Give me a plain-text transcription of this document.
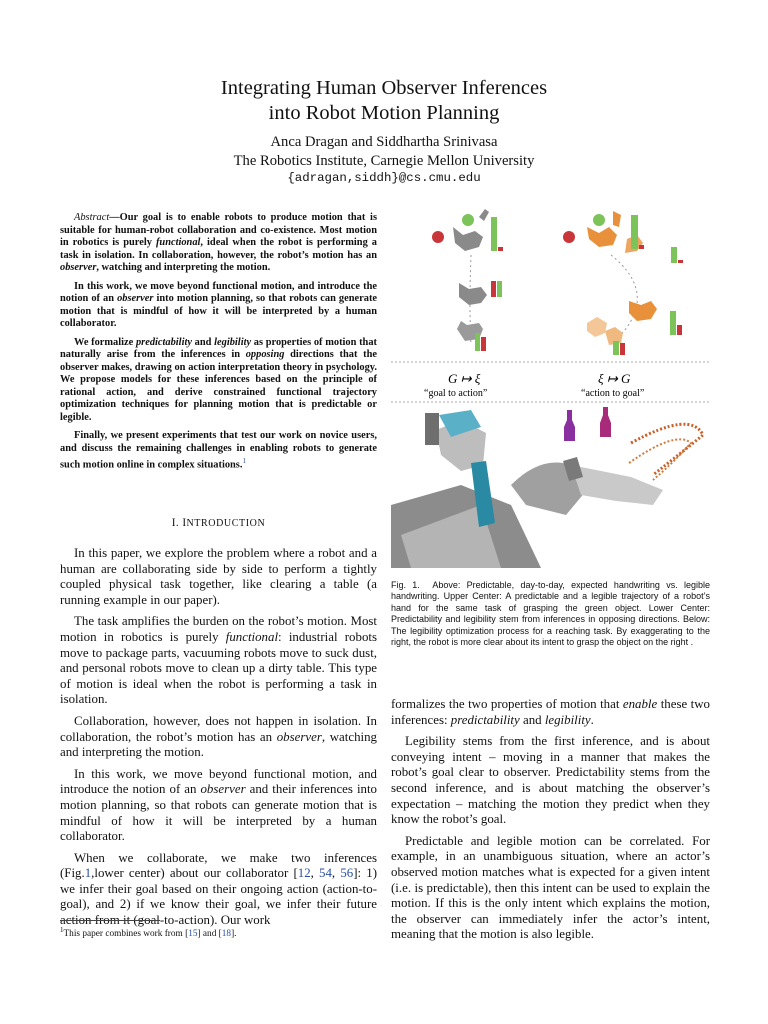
Integrating Human Observer Inferences
into Robot Motion Planning
Anca Dragan and Siddhartha Srinivasa
The Robotics Institute, Carnegie Mellon University
{adragan,siddh}@cs.cmu.edu

Abstract—Our goal is to enable robots to produce motion that is suitable for human-robot collaboration and co-existence. Most motion in robotics is purely functional, ideal when the robot is performing a task in isolation. In collaboration, however, the robot’s motion has an observer, watching and interpreting the motion.

In this work, we move beyond functional motion, and introduce the notion of an observer into motion planning, so that robots can generate motion that is mindful of how it will be interpreted by a human collaborator.

We formalize predictability and legibility as properties of motion that naturally arise from the inferences in opposing directions that the observer makes, drawing on action interpretation theory in psychology. We propose models for these inferences based on the principle of rational action, and derive constrained functional trajectory optimization techniques for planning motion that is predictable or legible.

Finally, we present experiments that test our work on novice users, and discuss the remaining challenges in enabling robots to generate such motion online in complex situations.$^1$

I. INTRODUCTION

In this paper, we explore the problem where a robot and a human are collaborating side by side to perform a tightly coupled physical task together, like clearing a table (a running example in our paper).

The task amplifies the burden on the robot’s motion. Most motion in robotics is purely functional: industrial robots move to package parts, vacuuming robots move to suck dust, and personal robots move to clean up a dirty table. This type of motion is ideal when the robot is performing a task in isolation.

Collaboration, however, does not happen in isolation. In collaboration, the robot’s motion has an observer, watching and interpreting the motion.

In this work, we move beyond functional motion, and introduce the notion of an observer and their inferences into motion planning, so that robots can generate motion that is mindful of how it will be interpreted by a human collaborator.

When we collaborate, we make two inferences (Fig.1,lower center) about our collaborator [12, 54, 56]: 1) we infer their goal based on their ongoing action (action-to-goal), and 2) if we know their goal, we infer their future action from it (goal-to-action). Our work

$^1$This paper combines work from [15] and [18].
G ↦ ξ
“goal to action”
ξ ↦ G
“action to goal”
Fig. 1. Above: Predictable, day-to-day, expected handwriting vs. legible handwriting. Upper Center: A predictable and a legible trajectory of a robot’s hand for the same task of grasping the green object. Lower Center: Predictability and legibility stem from inferences in opposing directions. Below: The legibility optimization process for a reaching task. By exaggerating to the right, the robot is more clear about its intent to grasp the object on the right .

formalizes the two properties of motion that enable these two inferences: predictability and legibility.

Legibility stems from the first inference, and is about conveying intent – moving in a manner that makes the robot’s goal clear to observer. Predictability stems from the second inference, and is about matching the observer’s expectation – matching the motion they predict when they know the robot’s goal.

Predictable and legible motion can be correlated. For example, in an unambiguous situation, where an actor’s observed motion matches what is expected for a given intent (i.e. is predictable), then this intent can be used to explain the motion. If this is the only intent which explains the motion, the observer can immediately infer the actor’s intent, meaning that the motion is also legible.
